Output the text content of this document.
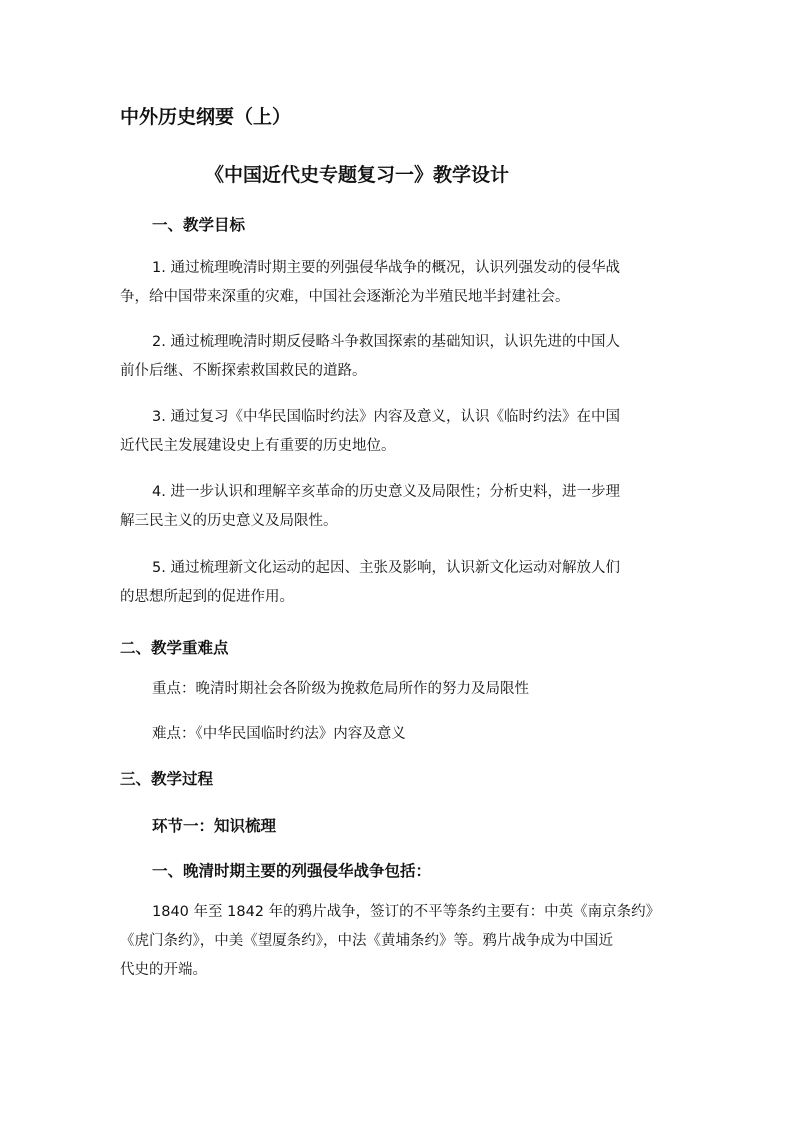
中外历史纲要（上）
《中国近代史专题复习一》教学设计
一、教学目标
1. 通过梳理晚清时期主要的列强侵华战争的概况，认识列强发动的侵华战
争，给中国带来深重的灾难，中国社会逐渐沦为半殖民地半封建社会。
2. 通过梳理晚清时期反侵略斗争救国探索的基础知识，认识先进的中国人
前仆后继、不断探索救国救民的道路。
3. 通过复习《中华民国临时约法》内容及意义，认识《临时约法》在中国
近代民主发展建设史上有重要的历史地位。
4. 进一步认识和理解辛亥革命的历史意义及局限性；分析史料，进一步理
解三民主义的历史意义及局限性。
5. 通过梳理新文化运动的起因、主张及影响，认识新文化运动对解放人们
的思想所起到的促进作用。
二、教学重难点
重点：晚清时期社会各阶级为挽救危局所作的努力及局限性
难点：《中华民国临时约法》内容及意义
三、教学过程
环节一：知识梳理
一、晚清时期主要的列强侵华战争包括：
1840 年至 1842 年的鸦片战争，签订的不平等条约主要有：中英《南京条约》
《虎门条约》，中美《望厦条约》，中法《黄埔条约》等。鸦片战争成为中国近
代史的开端。
